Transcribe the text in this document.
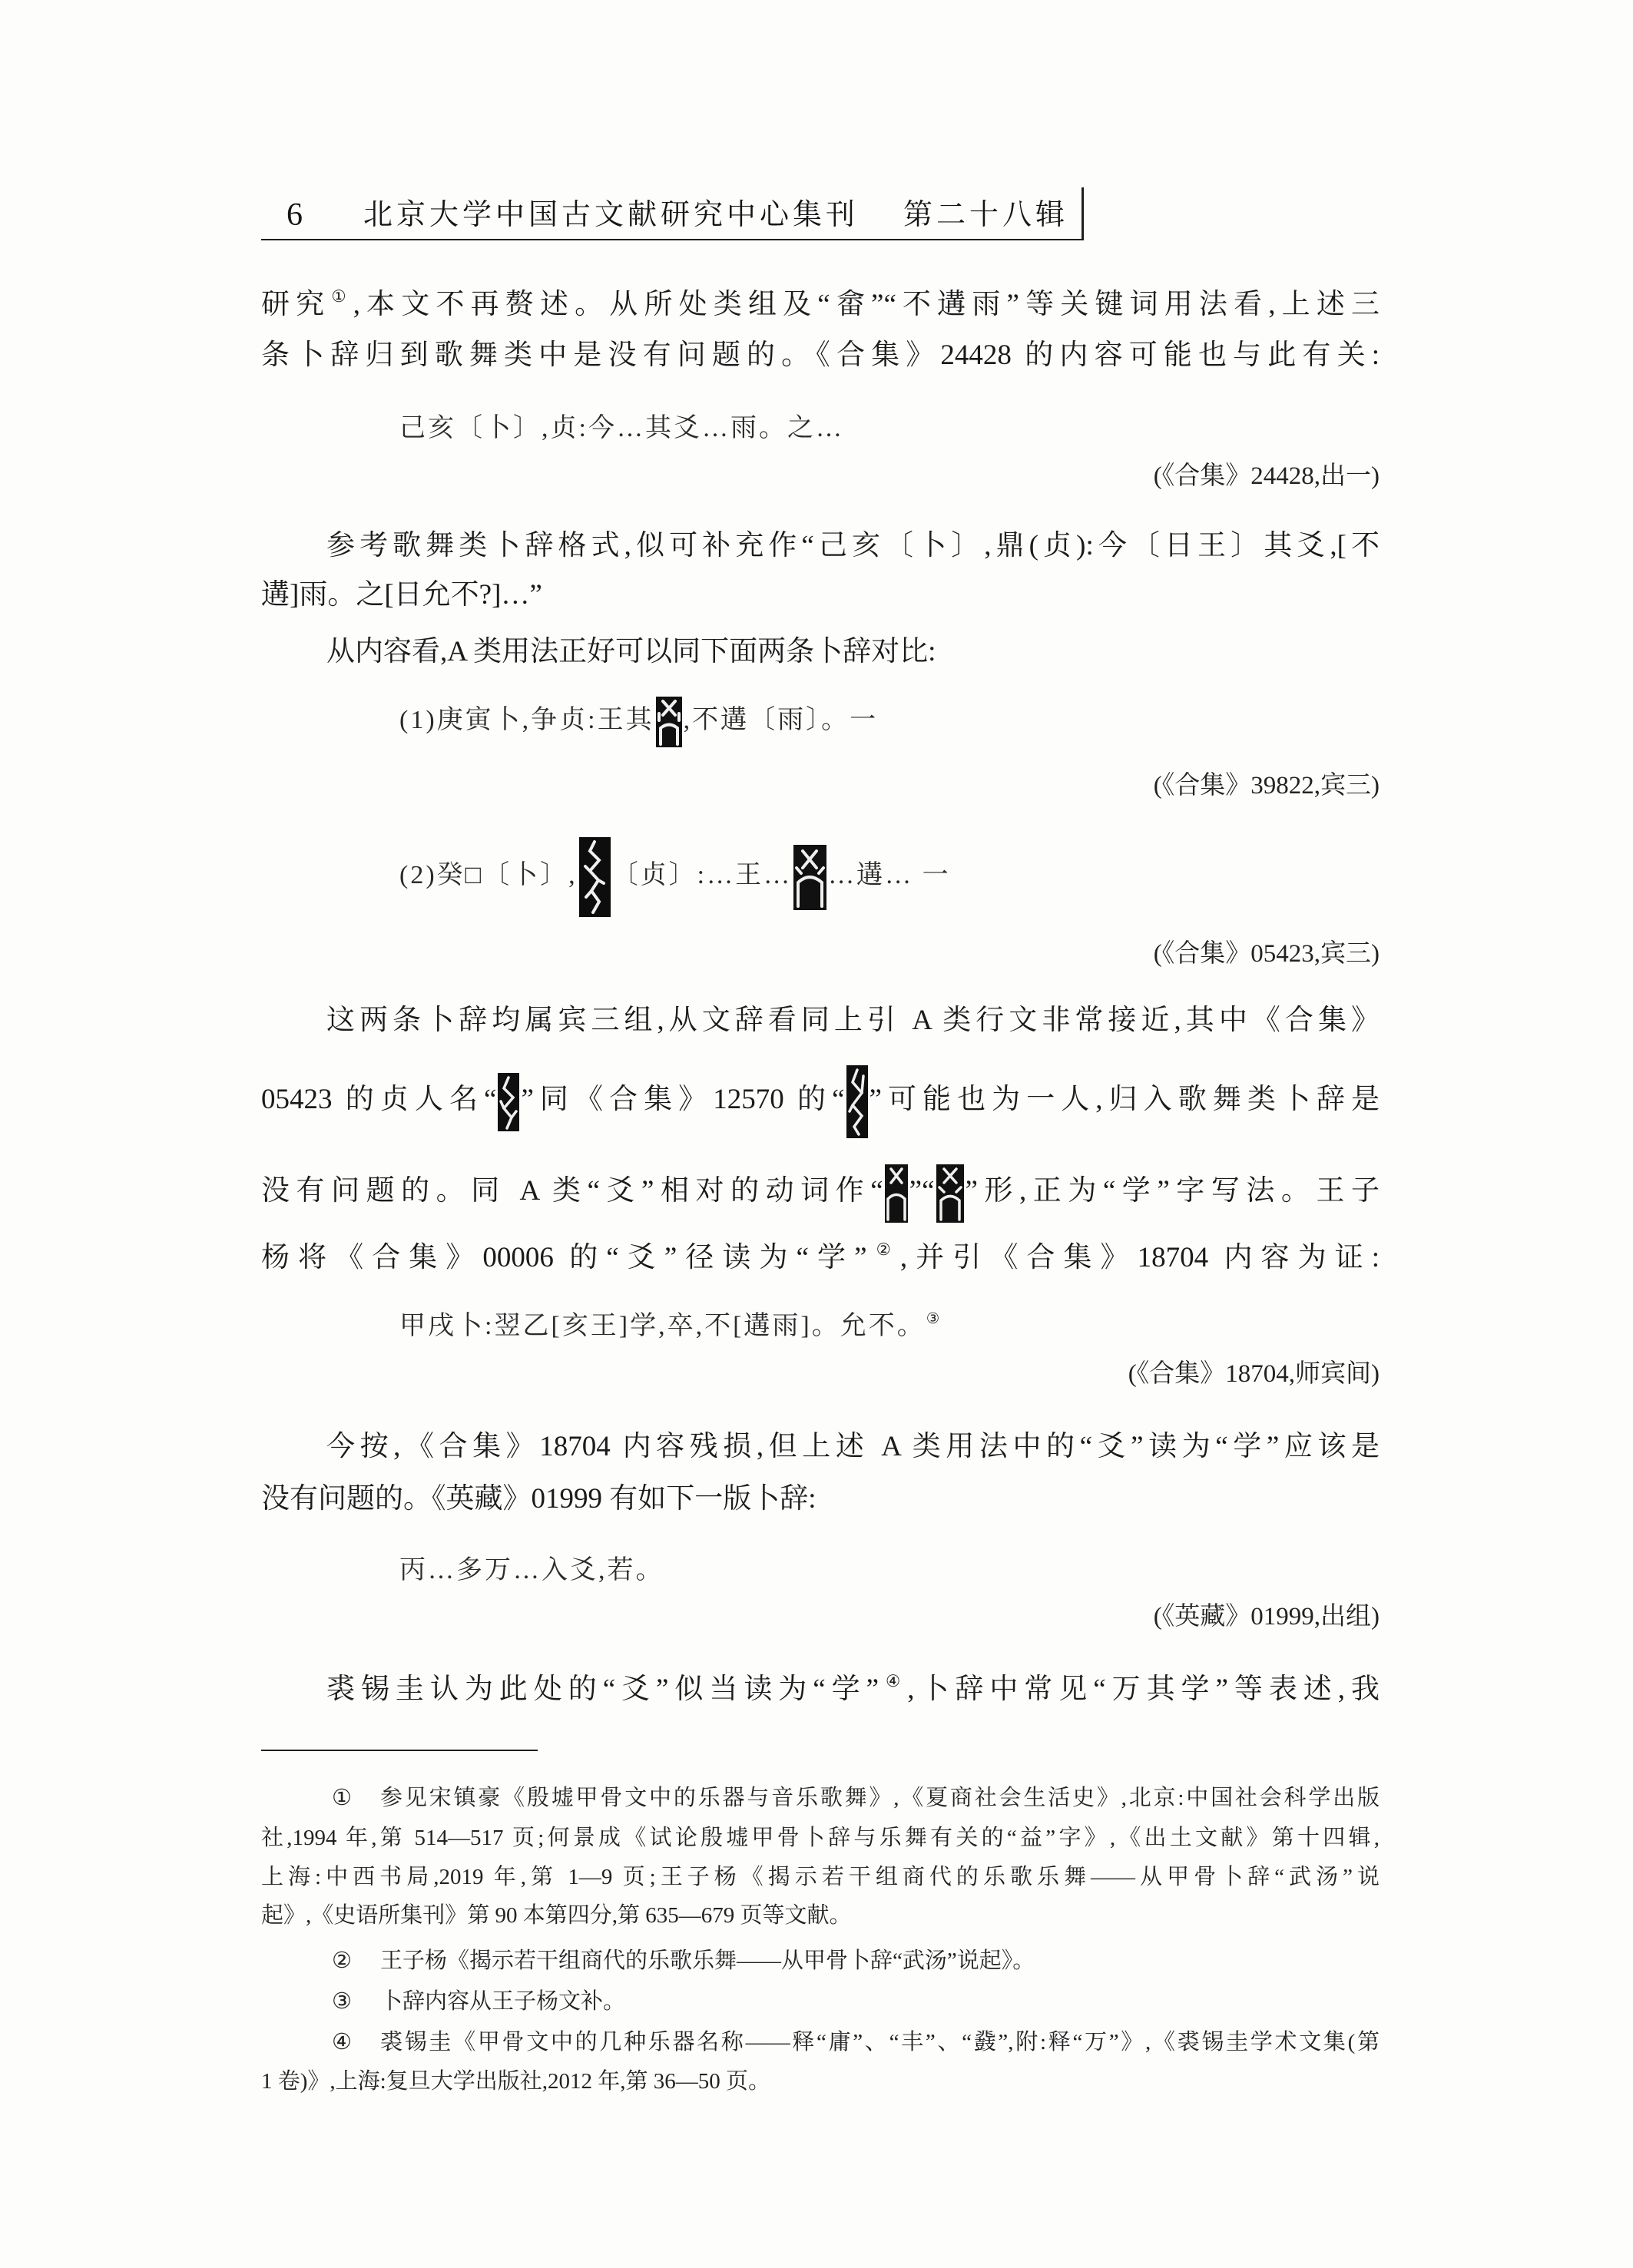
6 北京大学中国古文献研究中心集刊 第二十八辑
研究①,本文不再赘述。从所处类组及“畲”“不遘雨”等关键词用法看,上述三
条卜辞归到歌舞类中是没有问题的。《合集》24428 的内容可能也与此有关:
己亥〔卜〕,贞:今…其爻…雨。之…
(《合集》24428,出一)
参考歌舞类卜辞格式,似可补充作“己亥〔卜〕,鼎(贞):今〔日王〕其爻,[不
遘]雨。之[日允不?]…”
从内容看,A 类用法正好可以同下面两条卜辞对比:
(1)庚寅卜,争贞:王其 ,不遘〔雨〕。一
(《合集》39822,宾三)
(2)癸□〔卜〕, 〔贞〕:…王… …遘… 一
(《合集》05423,宾三)
这两条卜辞均属宾三组,从文辞看同上引 A 类行文非常接近,其中《合集》
05423 的贞人名“ ”同《合集》12570 的“ ”可能也为一人,归入歌舞类卜辞是
没有问题的。同 A 类“爻”相对的动词作“ ”“ ”形,正为“学”字写法。王子
杨将《合集》00006 的“爻”径读为“学”②,并引《合集》18704 内容为证:
甲戌卜:翌乙[亥王]学,卒,不[遘雨]。允不。③
(《合集》18704,师宾间)
今按,《合集》18704 内容残损,但上述 A 类用法中的“爻”读为“学”应该是
没有问题的。《英藏》01999 有如下一版卜辞:
丙…多万…入爻,若。
(《英藏》01999,出组)
裘锡圭认为此处的“爻”似当读为“学”④,卜辞中常见“万其学”等表述,我
① 参见宋镇豪《殷墟甲骨文中的乐器与音乐歌舞》,《夏商社会生活史》,北京:中国社会科学出版
社,1994 年,第 514—517 页;何景成《试论殷墟甲骨卜辞与乐舞有关的“益”字》,《出土文献》第十四辑,
上海:中西书局,2019 年,第 1—9 页;王子杨《揭示若干组商代的乐歌乐舞——从甲骨卜辞“武汤”说
起》,《史语所集刊》第 90 本第四分,第 635—679 页等文献。
② 王子杨《揭示若干组商代的乐歌乐舞——从甲骨卜辞“武汤”说起》。
③ 卜辞内容从王子杨文补。
④ 裘锡圭《甲骨文中的几种乐器名称——释“庸”、“丰”、“鼗”,附:释“万”》,《裘锡圭学术文集(第
1 卷)》,上海:复旦大学出版社,2012 年,第 36—50 页。
